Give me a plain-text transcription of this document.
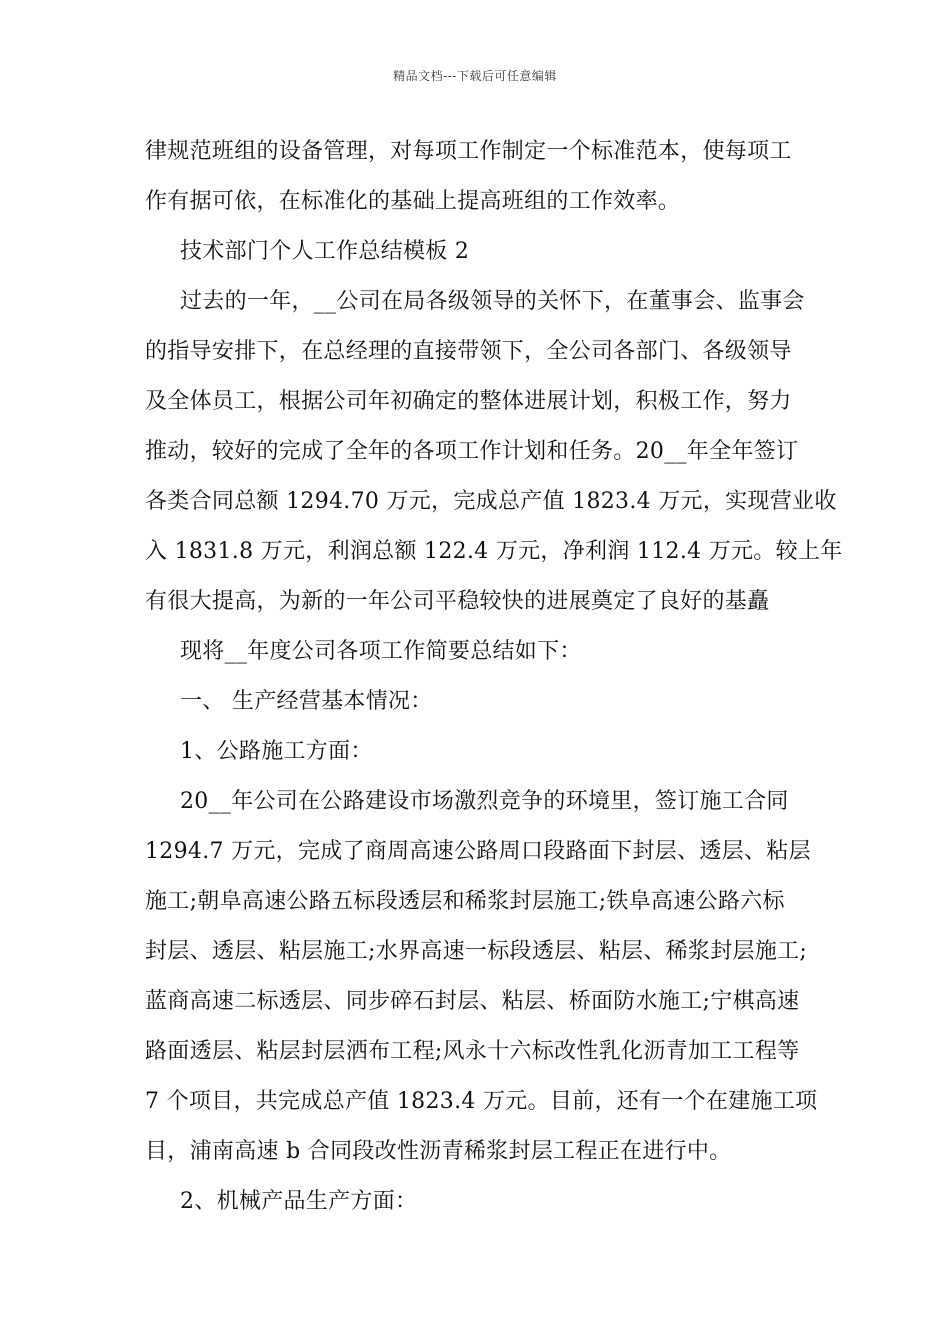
精品文档---下载后可任意编辑
律规范班组的设备管理，对每项工作制定一个标准范本，使每项工
作有据可依，在标准化的基础上提高班组的工作效率。
技术部门个人工作总结模板 2
过去的一年，__公司在局各级领导的关怀下，在董事会、监事会
的指导安排下，在总经理的直接带领下，全公司各部门、各级领导
及全体员工，根据公司年初确定的整体进展计划，积极工作，努力
推动，较好的完成了全年的各项工作计划和任务。20__年全年签订
各类合同总额 1294.70 万元，完成总产值 1823.4 万元，实现营业收
入 1831.8 万元，利润总额 122.4 万元，净利润 112.4 万元。较上年
有很大提高，为新的一年公司平稳较快的进展奠定了良好的基矗
现将__年度公司各项工作简要总结如下：
一、 生产经营基本情况：
1、公路施工方面：
20__年公司在公路建设市场激烈竞争的环境里，签订施工合同
1294.7 万元，完成了商周高速公路周口段路面下封层、透层、粘层
施工;朝阜高速公路五标段透层和稀浆封层施工;铁阜高速公路六标
封层、透层、粘层施工;水界高速一标段透层、粘层、稀浆封层施工;
蓝商高速二标透层、同步碎石封层、粘层、桥面防水施工;宁棋高速
路面透层、粘层封层洒布工程;风永十六标改性乳化沥青加工工程等
7 个项目，共完成总产值 1823.4 万元。目前，还有一个在建施工项
目，浦南高速 b 合同段改性沥青稀浆封层工程正在进行中。
2、机械产品生产方面：
